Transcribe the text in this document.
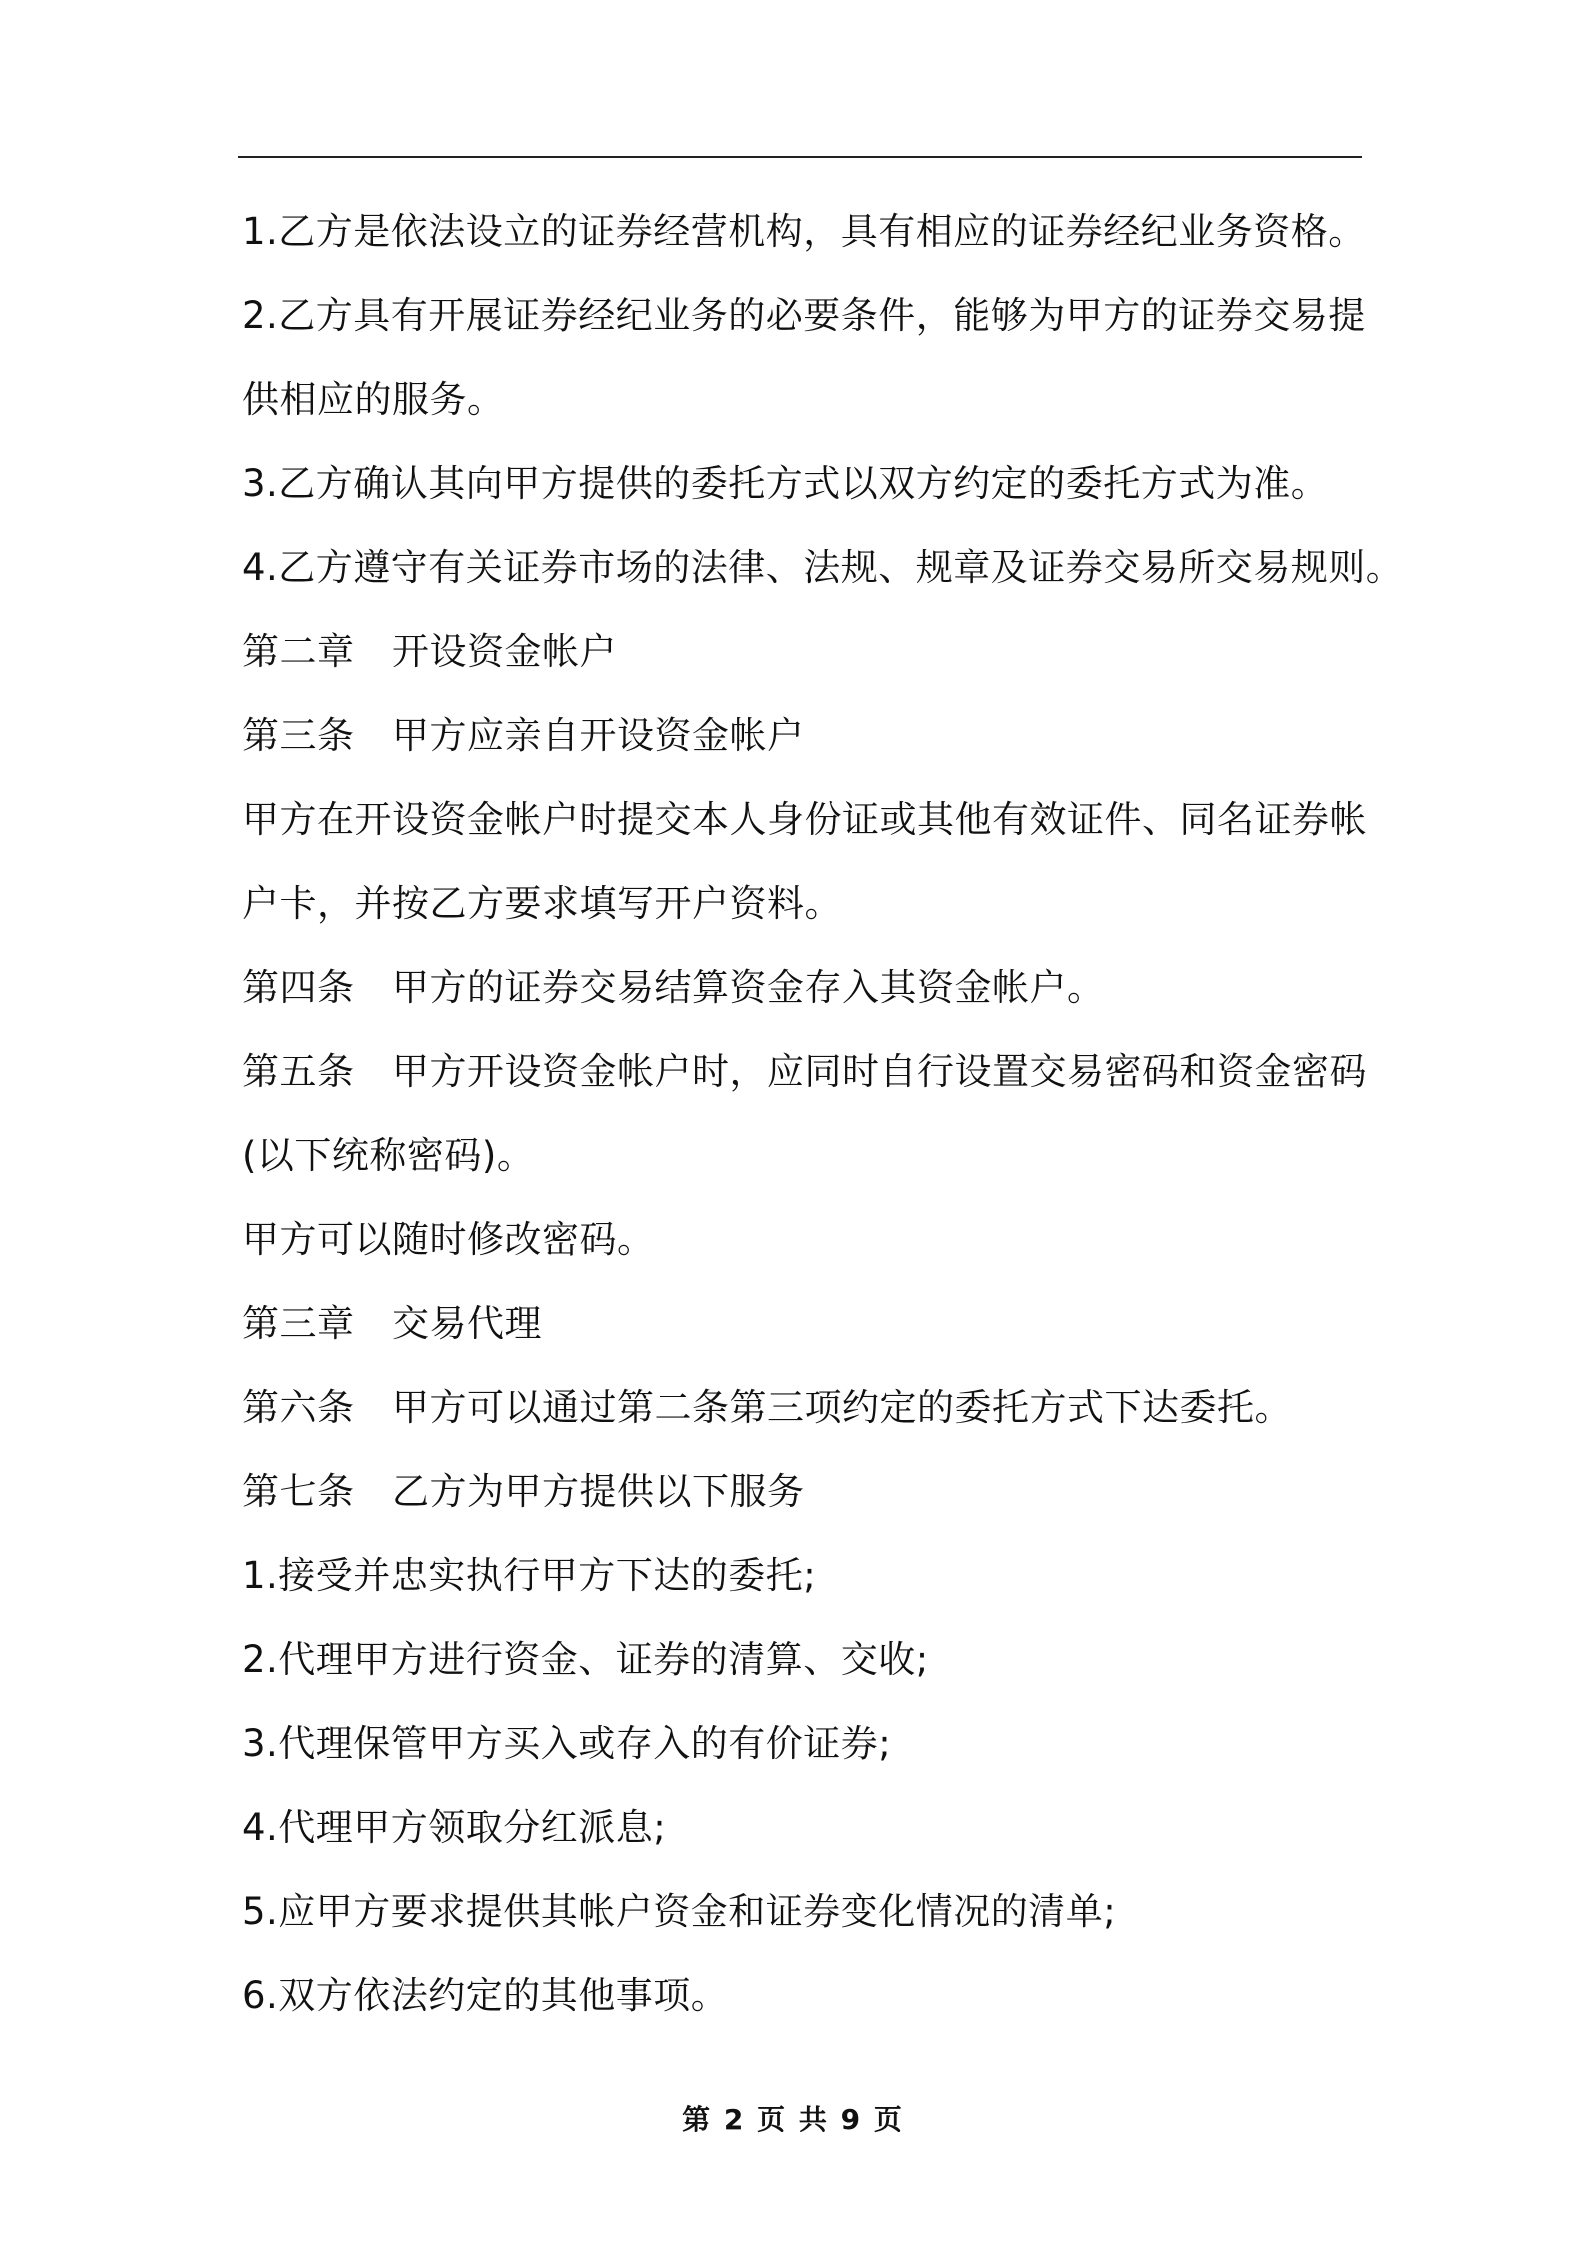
1.乙方是依法设立的证券经营机构，具有相应的证券经纪业务资格。
2.乙方具有开展证券经纪业务的必要条件，能够为甲方的证券交易提
供相应的服务。
3.乙方确认其向甲方提供的委托方式以双方约定的委托方式为准。
4.乙方遵守有关证券市场的法律、法规、规章及证券交易所交易规则。
第二章　开设资金帐户
第三条　甲方应亲自开设资金帐户
甲方在开设资金帐户时提交本人身份证或其他有效证件、同名证券帐
户卡，并按乙方要求填写开户资料。
第四条　甲方的证券交易结算资金存入其资金帐户。
第五条　甲方开设资金帐户时，应同时自行设置交易密码和资金密码
(以下统称密码)。
甲方可以随时修改密码。
第三章　交易代理
第六条　甲方可以通过第二条第三项约定的委托方式下达委托。
第七条　乙方为甲方提供以下服务
1.接受并忠实执行甲方下达的委托;
2.代理甲方进行资金、证券的清算、交收;
3.代理保管甲方买入或存入的有价证券;
4.代理甲方领取分红派息;
5.应甲方要求提供其帐户资金和证券变化情况的清单;
6.双方依法约定的其他事项。
第 2 页 共 9 页
